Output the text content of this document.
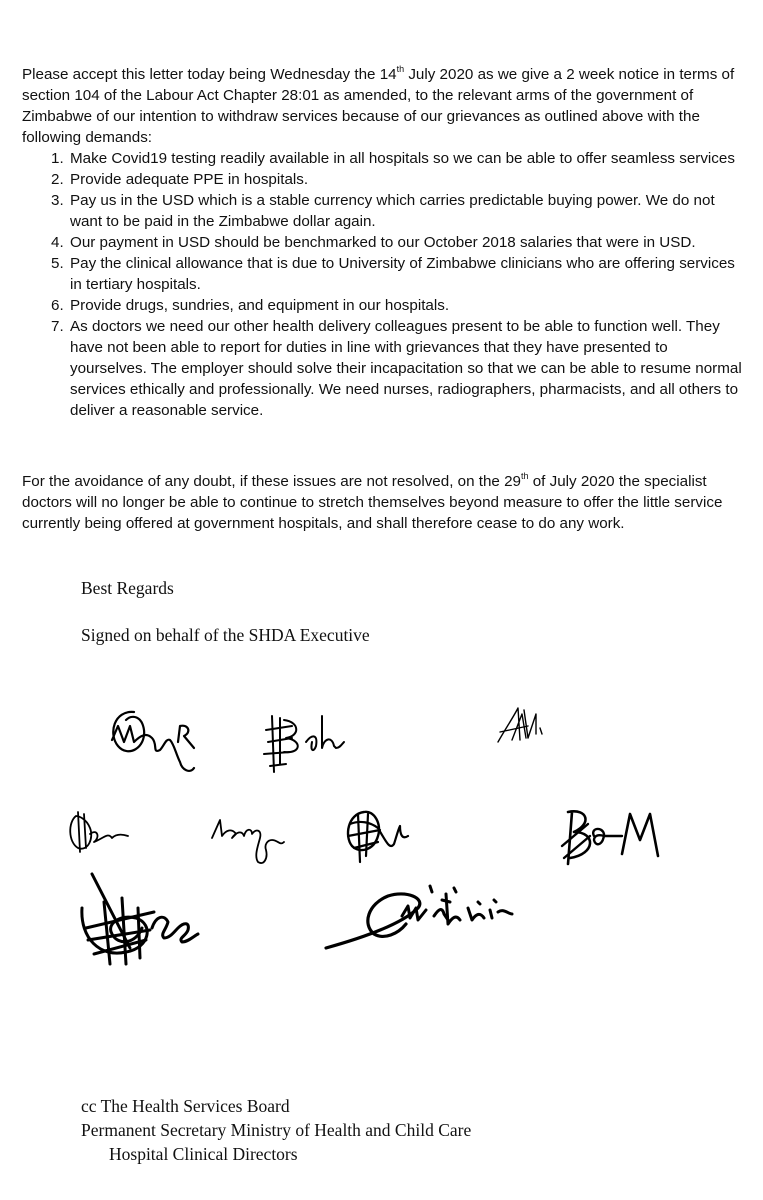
Please accept this letter today being Wednesday the 14th July 2020 as we give a 2 week notice in terms of section 104 of the Labour Act Chapter 28:01 as amended, to the relevant arms of the government of Zimbabwe of our intention to withdraw services because of our grievances as outlined above with the following demands:
1. Make Covid19 testing readily available in all hospitals so we can be able to offer seamless services
2. Provide adequate PPE in hospitals.
3. Pay us in the USD which is a stable currency which carries predictable buying power. We do not want to be paid in the Zimbabwe dollar again.
4. Our payment in USD should be benchmarked to our October 2018 salaries that were in USD.
5. Pay the clinical allowance that is due to University of Zimbabwe clinicians who are offering services in tertiary hospitals.
6. Provide drugs, sundries, and equipment in our hospitals.
7. As doctors we need our other health delivery colleagues present to be able to function well. They have not been able to report for duties in line with grievances that they have presented to yourselves. The employer should solve their incapacitation so that we can be able to resume normal services ethically and professionally. We need nurses, radiographers, pharmacists, and all others to deliver a reasonable service.
For the avoidance of any doubt, if these issues are not resolved, on the 29th of July 2020 the specialist doctors will no longer be able to continue to stretch themselves beyond measure to offer the little service currently being offered at government hospitals, and shall therefore cease to do any work.
Best Regards
Signed on behalf of the SHDA Executive
cc The Health Services Board
Permanent Secretary Ministry of Health and Child Care
Hospital Clinical Directors
